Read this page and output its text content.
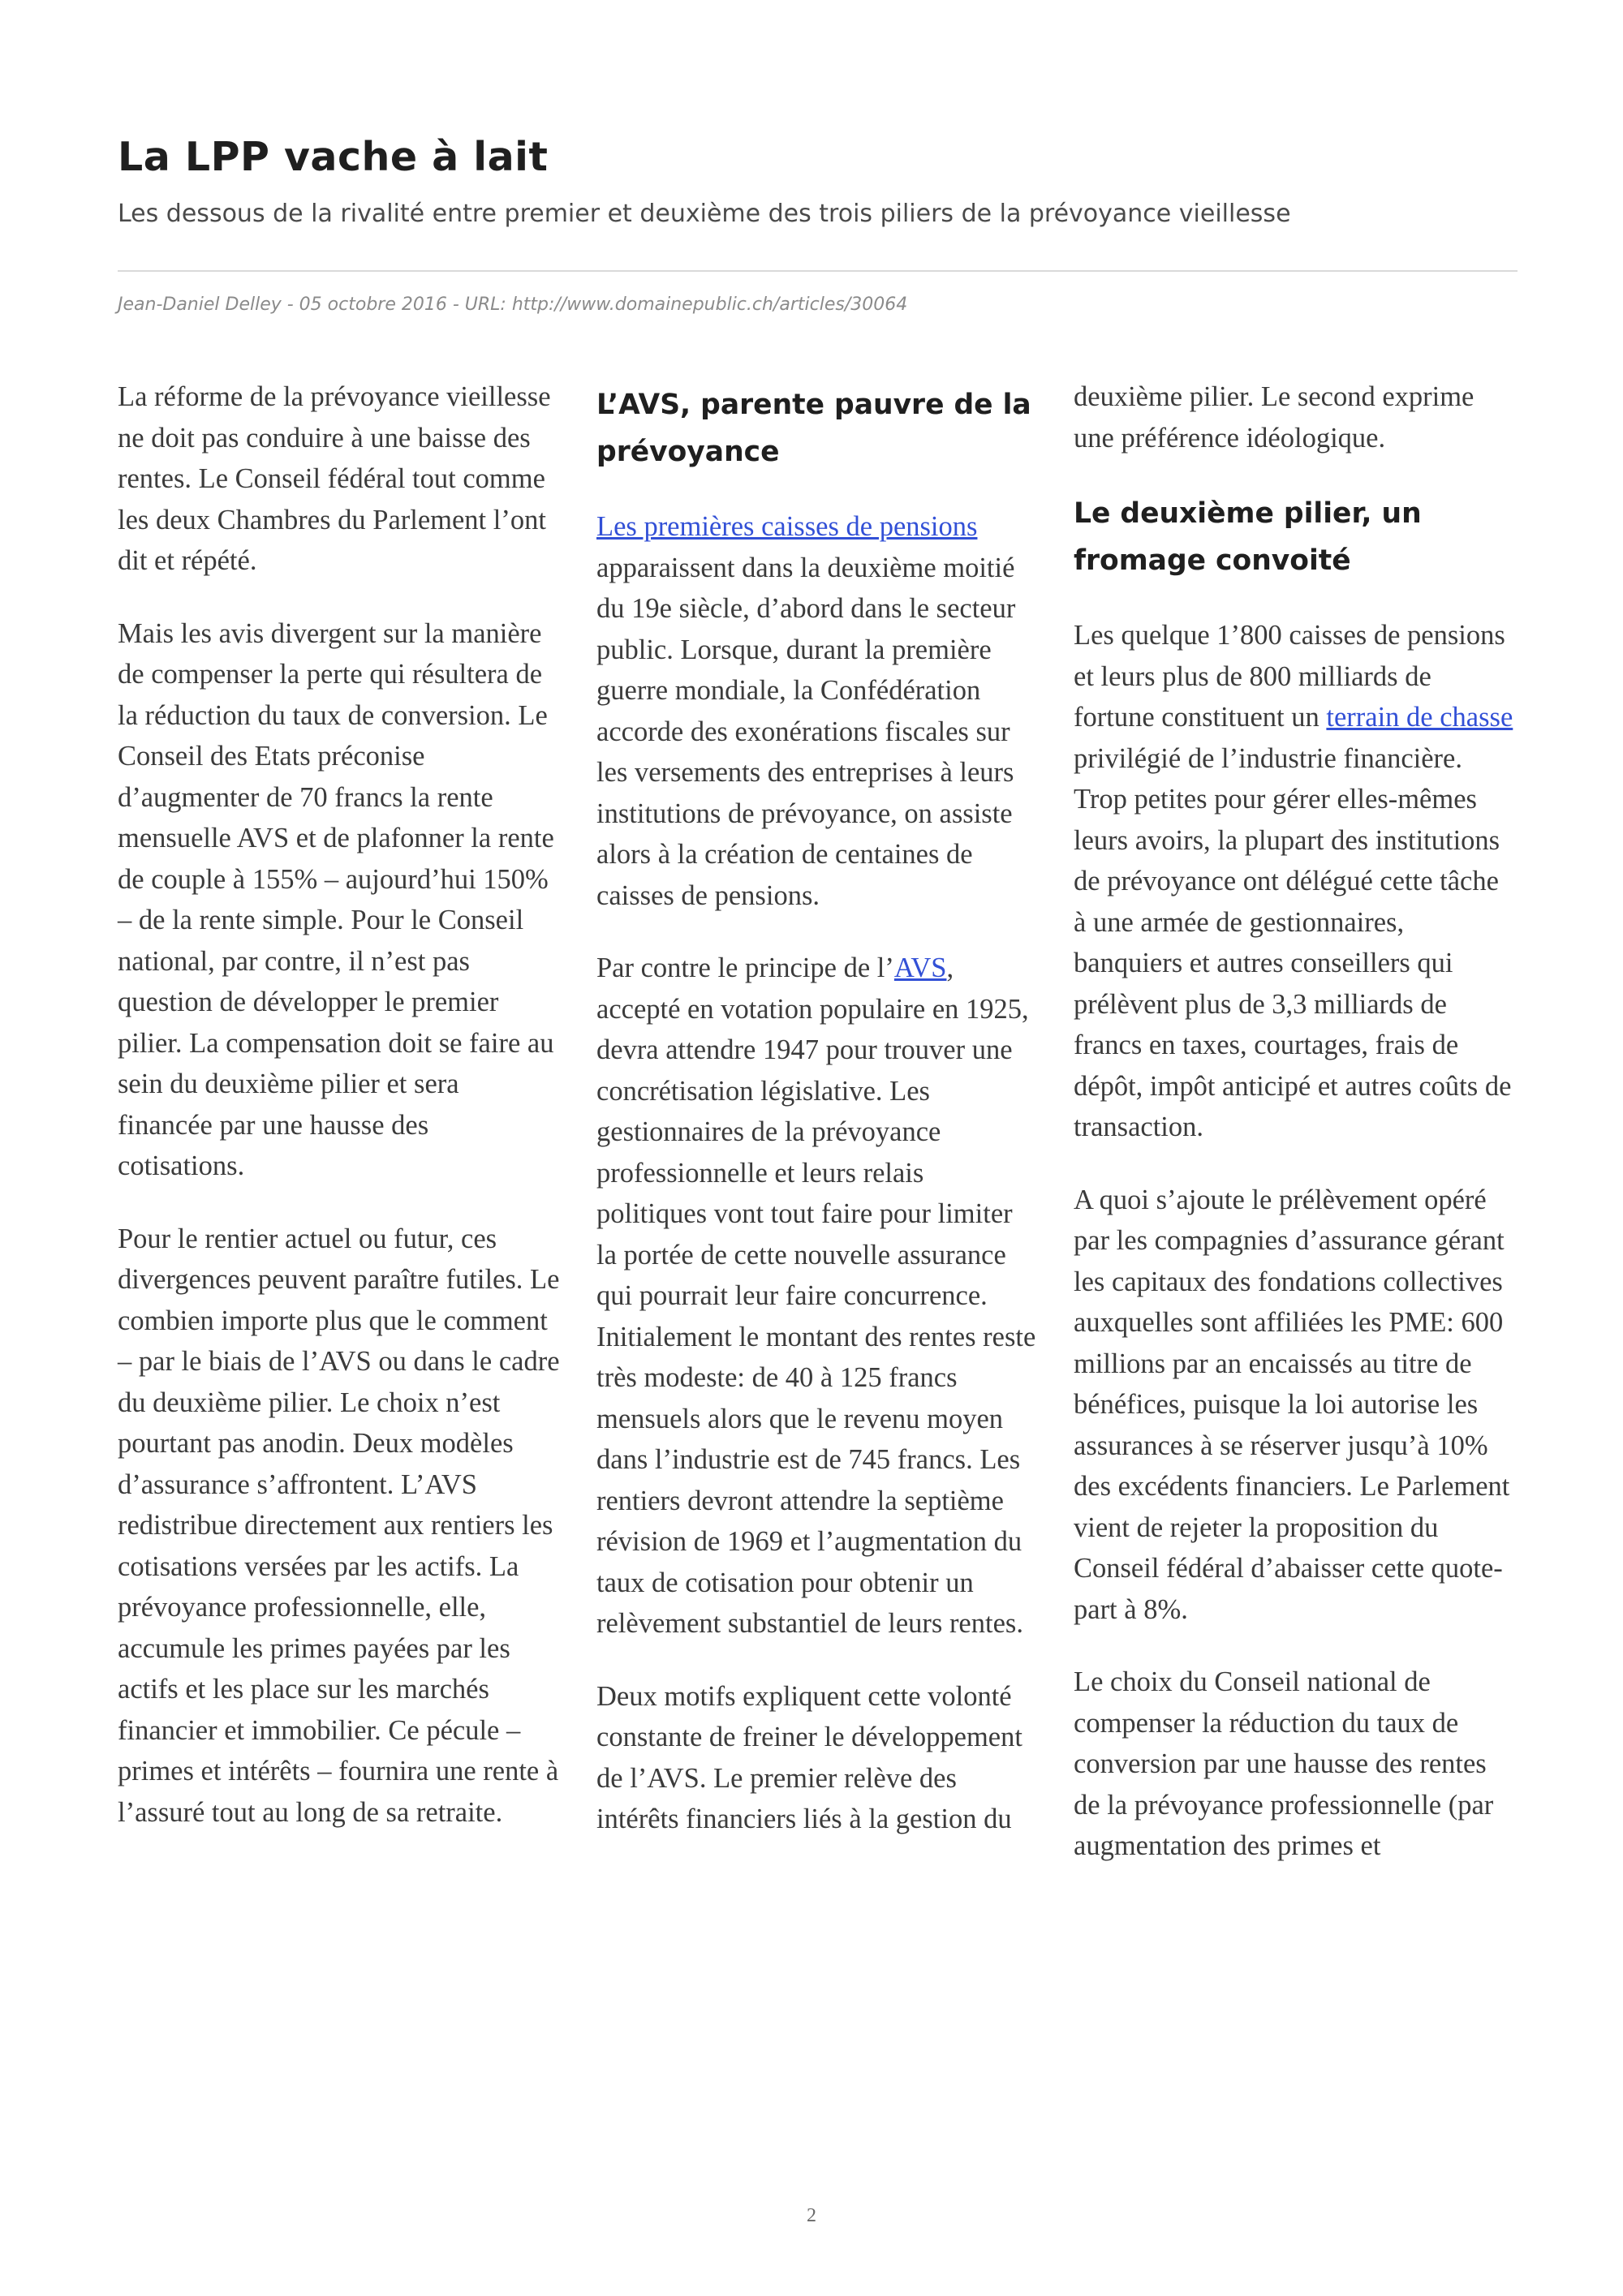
La LPP vache à lait

Les dessous de la rivalité entre premier et deuxième des trois piliers de la prévoyance vieillesse

Jean-Daniel Delley - 05 octobre 2016 - URL: http://www.domainepublic.ch/articles/30064

La réforme de la prévoyance vieillesse ne doit pas conduire à une baisse des rentes. Le Conseil fédéral tout comme les deux Chambres du Parlement l’ont dit et répété.

Mais les avis divergent sur la manière de compenser la perte qui résultera de la réduction du taux de conversion. Le Conseil des Etats préconise d’augmenter de 70 francs la rente mensuelle AVS et de plafonner la rente de couple à 155% – aujourd’hui 150% – de la rente simple. Pour le Conseil national, par contre, il n’est pas question de développer le premier pilier. La compensation doit se faire au sein du deuxième pilier et sera financée par une hausse des cotisations.

Pour le rentier actuel ou futur, ces divergences peuvent paraître futiles. Le combien importe plus que le comment – par le biais de l’AVS ou dans le cadre du deuxième pilier. Le choix n’est pourtant pas anodin. Deux modèles d’assurance s’affrontent. L’AVS redistribue directement aux rentiers les cotisations versées par les actifs. La prévoyance professionnelle, elle, accumule les primes payées par les actifs et les place sur les marchés financier et immobilier. Ce pécule – primes et intérêts – fournira une rente à l’assuré tout au long de sa retraite.

L’AVS, parente pauvre de la prévoyance

Les premières caisses de pensions apparaissent dans la deuxième moitié du 19e siècle, d’abord dans le secteur public. Lorsque, durant la première guerre mondiale, la Confédération accorde des exonérations fiscales sur les versements des entreprises à leurs institutions de prévoyance, on assiste alors à la création de centaines de caisses de pensions.

Par contre le principe de l’AVS, accepté en votation populaire en 1925, devra attendre 1947 pour trouver une concrétisation législative. Les gestionnaires de la prévoyance professionnelle et leurs relais politiques vont tout faire pour limiter la portée de cette nouvelle assurance qui pourrait leur faire concurrence. Initialement le montant des rentes reste très modeste: de 40 à 125 francs mensuels alors que le revenu moyen dans l’industrie est de 745 francs. Les rentiers devront attendre la septième révision de 1969 et l’augmentation du taux de cotisation pour obtenir un relèvement substantiel de leurs rentes.

Deux motifs expliquent cette volonté constante de freiner le développement de l’AVS. Le premier relève des intérêts financiers liés à la gestion du

deuxième pilier. Le second exprime une préférence idéologique.

Le deuxième pilier, un fromage convoité

Les quelque 1’800 caisses de pensions et leurs plus de 800 milliards de fortune constituent un terrain de chasse privilégié de l’industrie financière. Trop petites pour gérer elles-mêmes leurs avoirs, la plupart des institutions de prévoyance ont délégué cette tâche à une armée de gestionnaires, banquiers et autres conseillers qui prélèvent plus de 3,3 milliards de francs en taxes, courtages, frais de dépôt, impôt anticipé et autres coûts de transaction.

A quoi s’ajoute le prélèvement opéré par les compagnies d’assurance gérant les capitaux des fondations collectives auxquelles sont affiliées les PME: 600 millions par an encaissés au titre de bénéfices, puisque la loi autorise les assurances à se réserver jusqu’à 10% des excédents financiers. Le Parlement vient de rejeter la proposition du Conseil fédéral d’abaisser cette quote-part à 8%.

Le choix du Conseil national de compenser la réduction du taux de conversion par une hausse des rentes de la prévoyance professionnelle (par augmentation des primes et

2
